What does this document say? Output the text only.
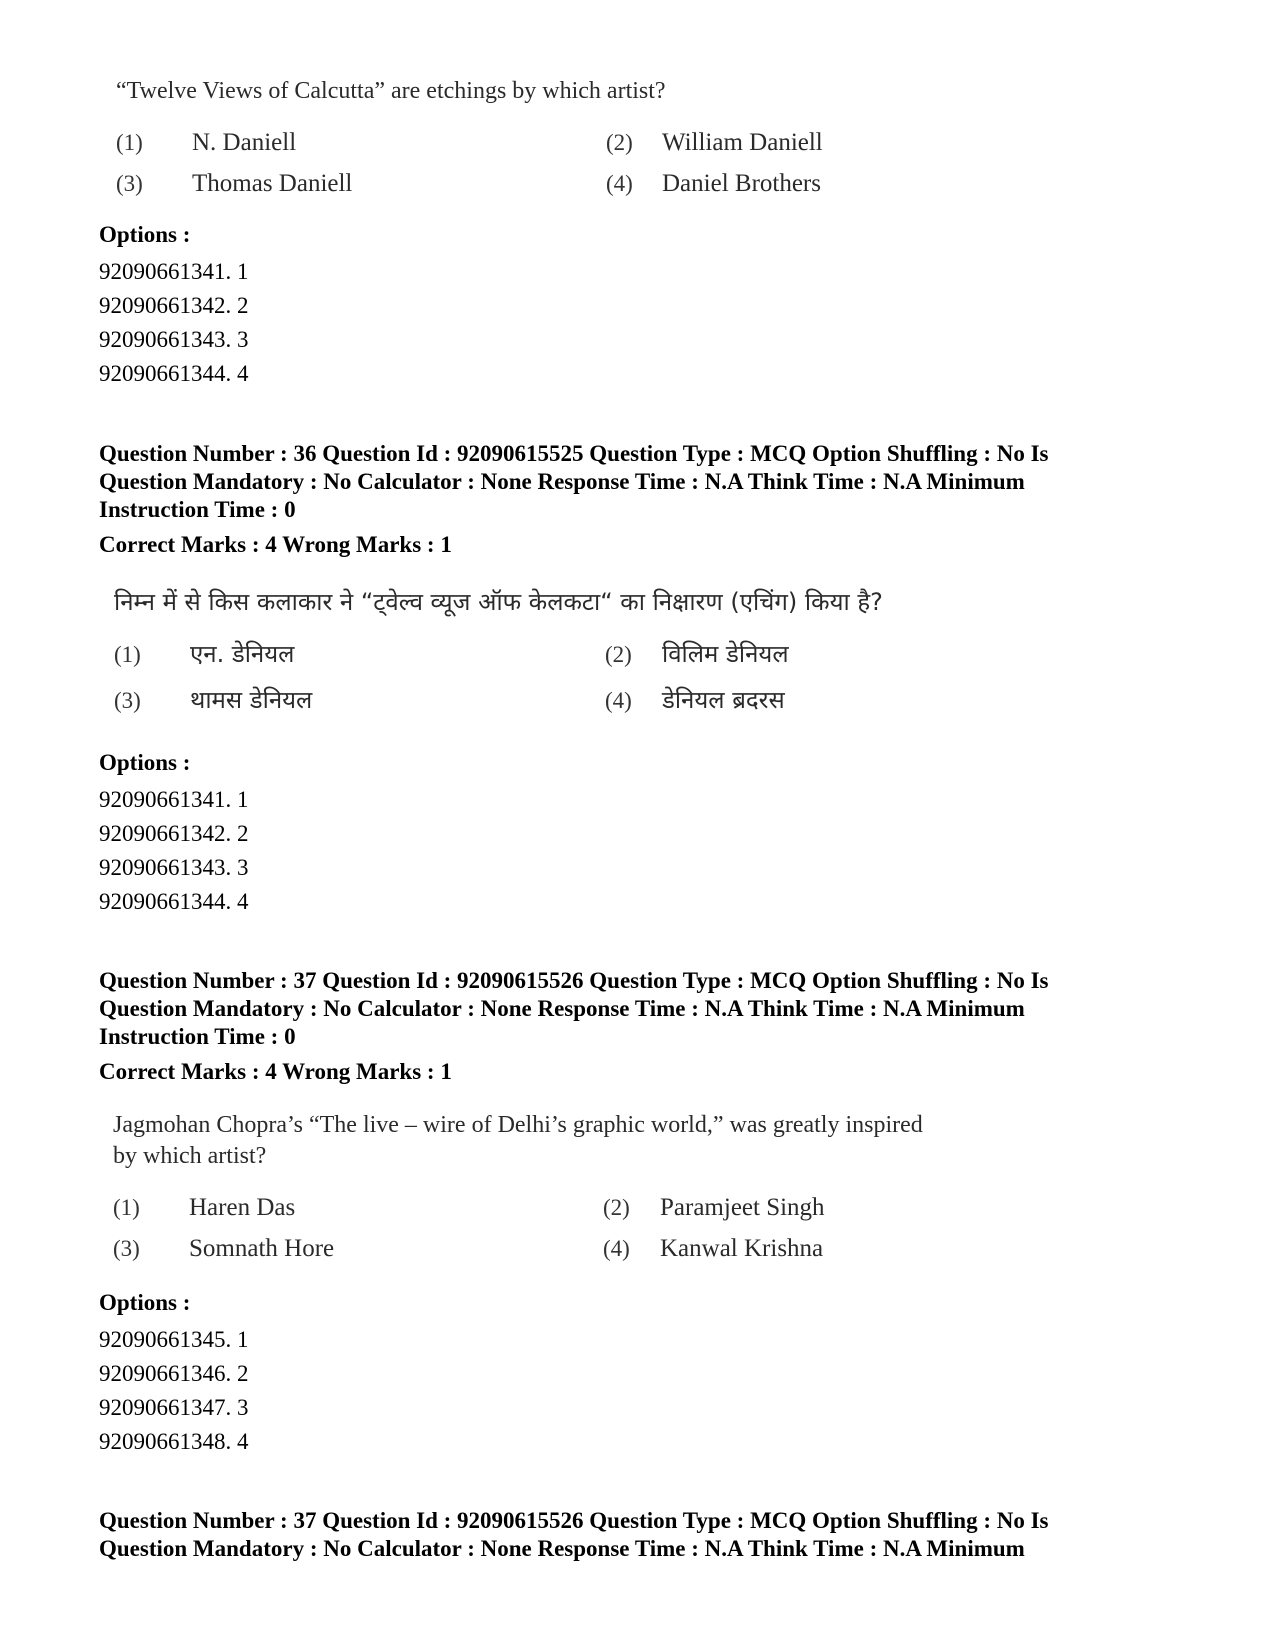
“Twelve Views of Calcutta” are etchings by which artist?
(1) N. Daniell	(2) William Daniell
(3) Thomas Daniell	(4) Daniel Brothers
Options :
92090661341. 1
92090661342. 2
92090661343. 3
92090661344. 4
Question Number : 36 Question Id : 92090615525 Question Type : MCQ Option Shuffling : No Is
Question Mandatory : No Calculator : None Response Time : N.A Think Time : N.A Minimum
Instruction Time : 0
Correct Marks : 4 Wrong Marks : 1
निम्न में से किस कलाकार ने “ट्वेल्व व्यूज ऑफ केलकटा“ का निक्षारण (एचिंग) किया है?
(1) एन. डेनियल	(2) विलिम डेनियल
(3) थामस डेनियल	(4) डेनियल ब्रदरस
Options :
92090661341. 1
92090661342. 2
92090661343. 3
92090661344. 4
Question Number : 37 Question Id : 92090615526 Question Type : MCQ Option Shuffling : No Is
Question Mandatory : No Calculator : None Response Time : N.A Think Time : N.A Minimum
Instruction Time : 0
Correct Marks : 4 Wrong Marks : 1
Jagmohan Chopra’s “The live – wire of Delhi’s graphic world,” was greatly inspired
by which artist?
(1) Haren Das	(2) Paramjeet Singh
(3) Somnath Hore	(4) Kanwal Krishna
Options :
92090661345. 1
92090661346. 2
92090661347. 3
92090661348. 4
Question Number : 37 Question Id : 92090615526 Question Type : MCQ Option Shuffling : No Is
Question Mandatory : No Calculator : None Response Time : N.A Think Time : N.A Minimum
